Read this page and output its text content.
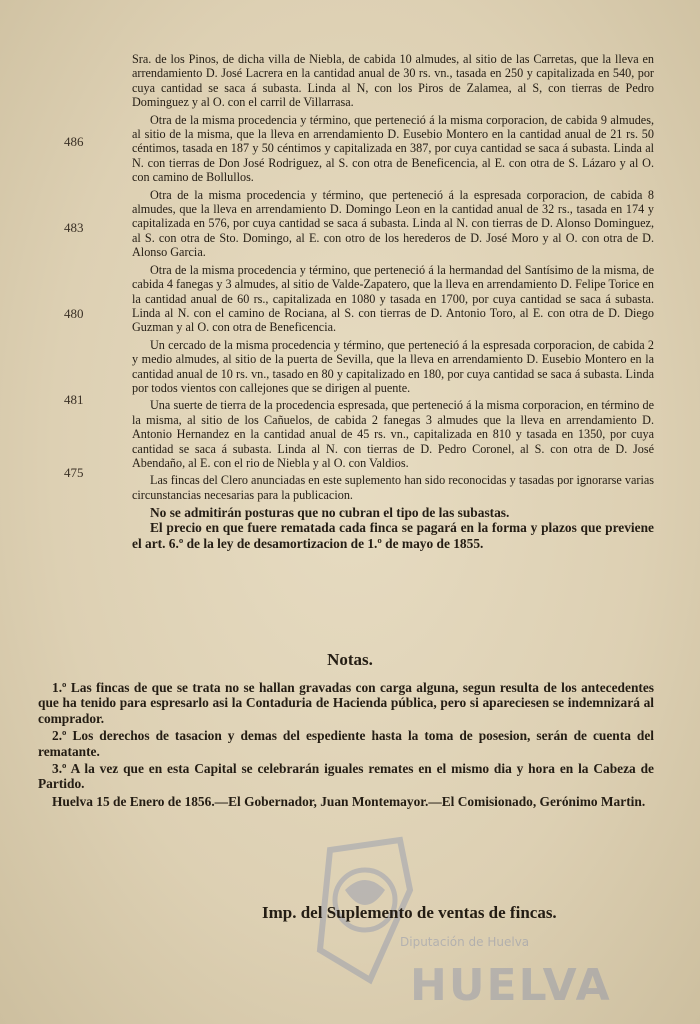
486
483
480
481
475

Sra. de los Pinos, de dicha villa de Niebla, de cabida 10 almudes, al sitio de las Carretas, que la lleva en arrendamiento D. José Lacrera en la cantidad anual de 30 rs. vn., tasada en 250 y capitalizada en 540, por cuya cantidad se saca á subasta. Linda al N, con los Piros de Zalamea, al S, con tierras de Pedro Dominguez y al O. con el carril de Villarrasa.

Otra de la misma procedencia y término, que perteneció á la misma corporacion, de cabida 9 almudes, al sitio de la misma, que la lleva en arrendamiento D. Eusebio Montero en la cantidad anual de 21 rs. 50 céntimos, tasada en 187 y 50 céntimos y capitalizada en 387, por cuya cantidad se saca á subasta. Linda al N. con tierras de Don José Rodriguez, al S. con otra de Beneficencia, al E. con otra de S. Lázaro y al O. con camino de Bollullos.

Otra de la misma procedencia y término, que perteneció á la espresada corporacion, de cabida 8 almudes, que la lleva en arrendamiento D. Domingo Leon en la cantidad anual de 32 rs., tasada en 174 y capitalizada en 576, por cuya cantidad se saca á subasta. Linda al N. con tierras de D. Alonso Dominguez, al S. con otra de Sto. Domingo, al E. con otro de los herederos de D. José Moro y al O. con otra de D. Alonso Garcia.

Otra de la misma procedencia y término, que perteneció á la hermandad del Santísimo de la misma, de cabida 4 fanegas y 3 almudes, al sitio de Valde-Zapatero, que la lleva en arrendamiento D. Felipe Torice en la cantidad anual de 60 rs., capitalizada en 1080 y tasada en 1700, por cuya cantidad se saca á subasta. Linda al N. con el camino de Rociana, al S. con tierras de D. Antonio Toro, al E. con otra de D. Diego Guzman y al O. con otra de Beneficencia.

Un cercado de la misma procedencia y término, que perteneció á la espresada corporacion, de cabida 2 y medio almudes, al sitio de la puerta de Sevilla, que la lleva en arrendamiento D. Eusebio Montero en la cantidad anual de 10 rs. vn., tasado en 80 y capitalizado en 180, por cuya cantidad se saca á subasta. Linda por todos vientos con callejones que se dirigen al puente.

Una suerte de tierra de la procedencia espresada, que perteneció á la misma corporacion, en término de la misma, al sitio de los Cañuelos, de cabida 2 fanegas 3 almudes que la lleva en arrendamiento D. Antonio Hernandez en la cantidad anual de 45 rs. vn., capitalizada en 810 y tasada en 1350, por cuya cantidad se saca á subasta. Linda al N. con tierras de D. Pedro Coronel, al S. con otra de D. José Abendaño, al E. con el rio de Niebla y al O. con Valdios.

Las fincas del Clero anunciadas en este suplemento han sido reconocidas y tasadas por ignorarse varias circunstancias necesarias para la publicacion.

No se admitirán posturas que no cubran el tipo de las subastas.

El precio en que fuere rematada cada finca se pagará en la forma y plazos que previene el art. 6.º de la ley de desamortizacion de 1.º de mayo de 1855.

Notas.

1.º Las fincas de que se trata no se hallan gravadas con carga alguna, segun resulta de los antecedentes que ha tenido para espresarlo asi la Contaduria de Hacienda pública, pero si apareciesen se indemnizará al comprador.

2.º Los derechos de tasacion y demas del espediente hasta la toma de posesion, serán de cuenta del rematante.

3.º A la vez que en esta Capital se celebrarán iguales remates en el mismo dia y hora en la Cabeza de Partido.

Huelva 15 de Enero de 1856.—El Gobernador, Juan Montemayor.—El Comisionado, Gerónimo Martin.

Diputación de Huelva
HUELVA
Imp. del Suplemento de ventas de fincas.
